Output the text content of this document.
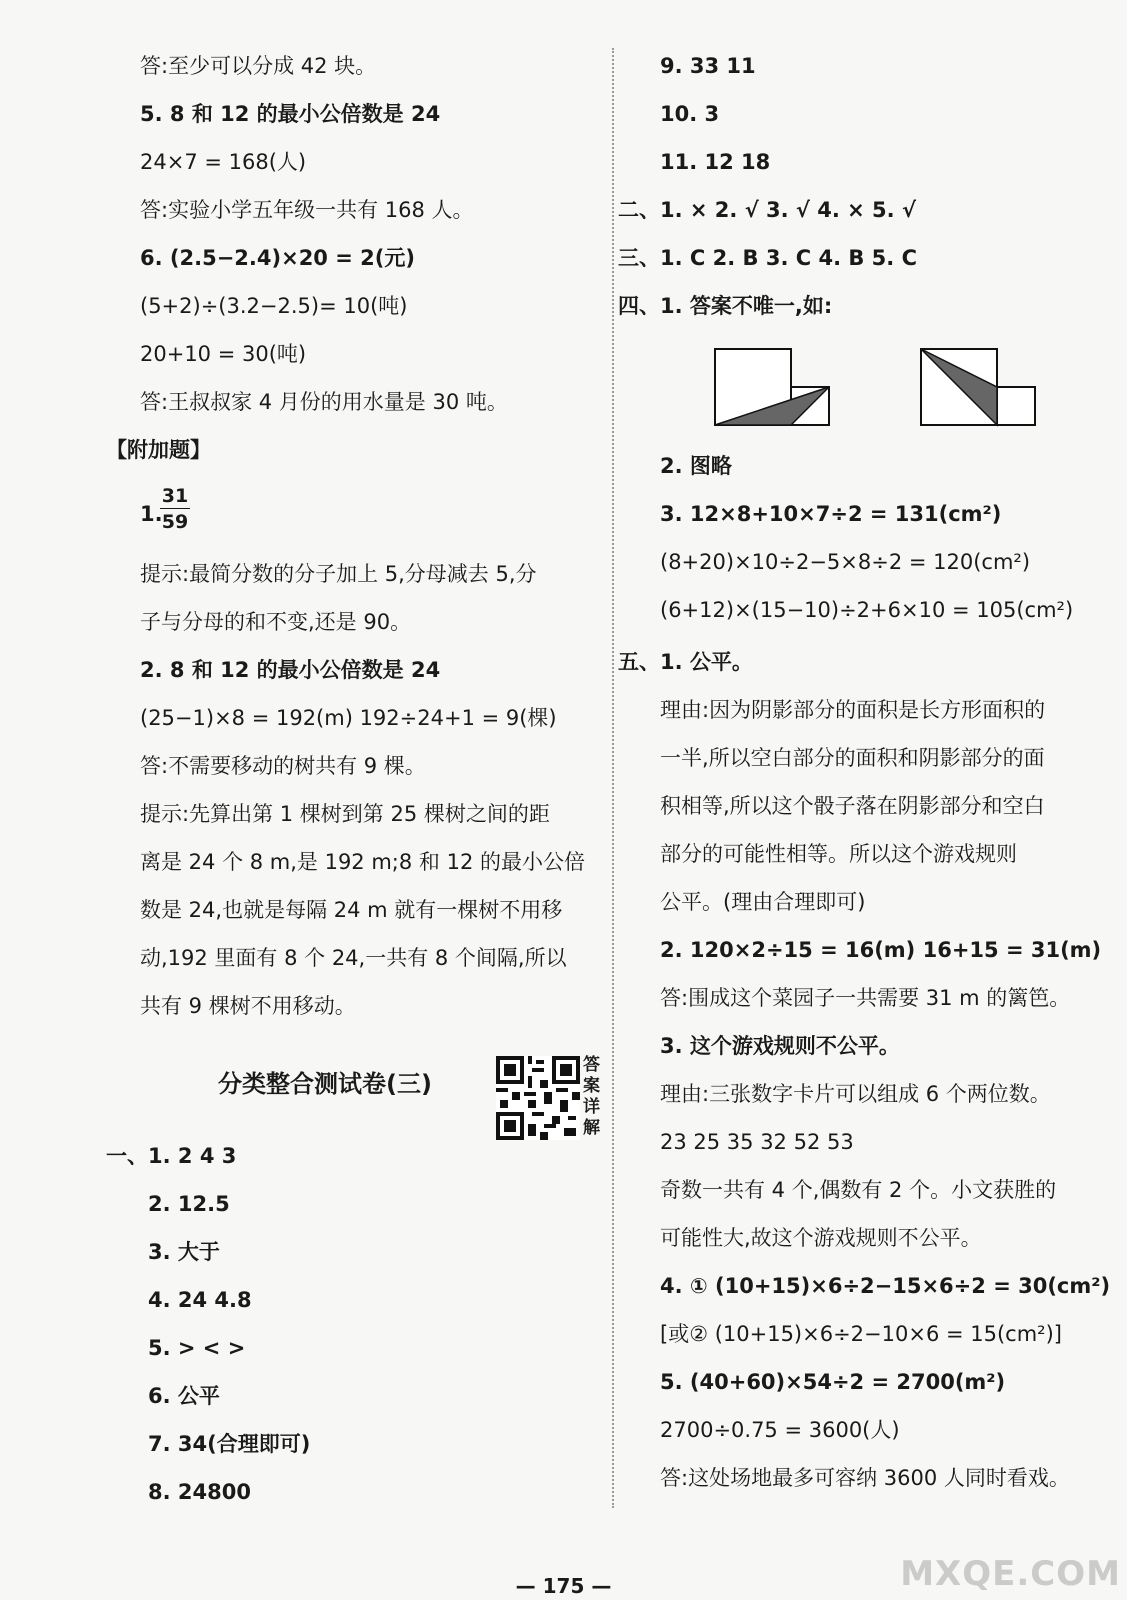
答:至少可以分成 42 块。
5. 8 和 12 的最小公倍数是 24
24×7 = 168(人)
答:实验小学五年级一共有 168 人。
6. (2.5−2.4)×20 = 2(元)
(5+2)÷(3.2−2.5)= 10(吨)
20+10 = 30(吨)
答:王叔叔家 4 月份的用水量是 30 吨。
【附加题】
1.
$\frac{31}{59}$
提示:最简分数的分子加上 5,分母减去 5,分
子与分母的和不变,还是 90。
2. 8 和 12 的最小公倍数是 24
(25−1)×8 = 192(m) 192÷24+1 = 9(棵)
答:不需要移动的树共有 9 棵。
提示:先算出第 1 棵树到第 25 棵树之间的距
离是 24 个 8 m,是 192 m;8 和 12 的最小公倍
数是 24,也就是每隔 24 m 就有一棵树不用移
动,192 里面有 8 个 24,一共有 8 个间隔,所以
共有 9 棵树不用移动。
分类整合测试卷(三)
答案详解
一、1. 2 4 3
2. 12.5
3. 大于
4. 24 4.8
5. > < >
6. 公平
7. 34(合理即可)
8. 24800
9. 33 11
10. 3
11. 12 18
二、1. × 2. √ 3. √ 4. × 5. √
三、1. C 2. B 3. C 4. B 5. C
四、1. 答案不唯一,如:
2. 图略
3. 12×8+10×7÷2 = 131(cm²)
(8+20)×10÷2−5×8÷2 = 120(cm²)
(6+12)×(15−10)÷2+6×10 = 105(cm²)
五、1. 公平。
理由:因为阴影部分的面积是长方形面积的
一半,所以空白部分的面积和阴影部分的面
积相等,所以这个骰子落在阴影部分和空白
部分的可能性相等。所以这个游戏规则
公平。(理由合理即可)
2. 120×2÷15 = 16(m) 16+15 = 31(m)
答:围成这个菜园子一共需要 31 m 的篱笆。
3. 这个游戏规则不公平。
理由:三张数字卡片可以组成 6 个两位数。
23 25 35 32 52 53
奇数一共有 4 个,偶数有 2 个。小文获胜的
可能性大,故这个游戏规则不公平。
4. ① (10+15)×6÷2−15×6÷2 = 30(cm²)
[或② (10+15)×6÷2−10×6 = 15(cm²)]
5. (40+60)×54÷2 = 2700(m²)
2700÷0.75 = 3600(人)
答:这处场地最多可容纳 3600 人同时看戏。
— 175 —	MXQE.COM
